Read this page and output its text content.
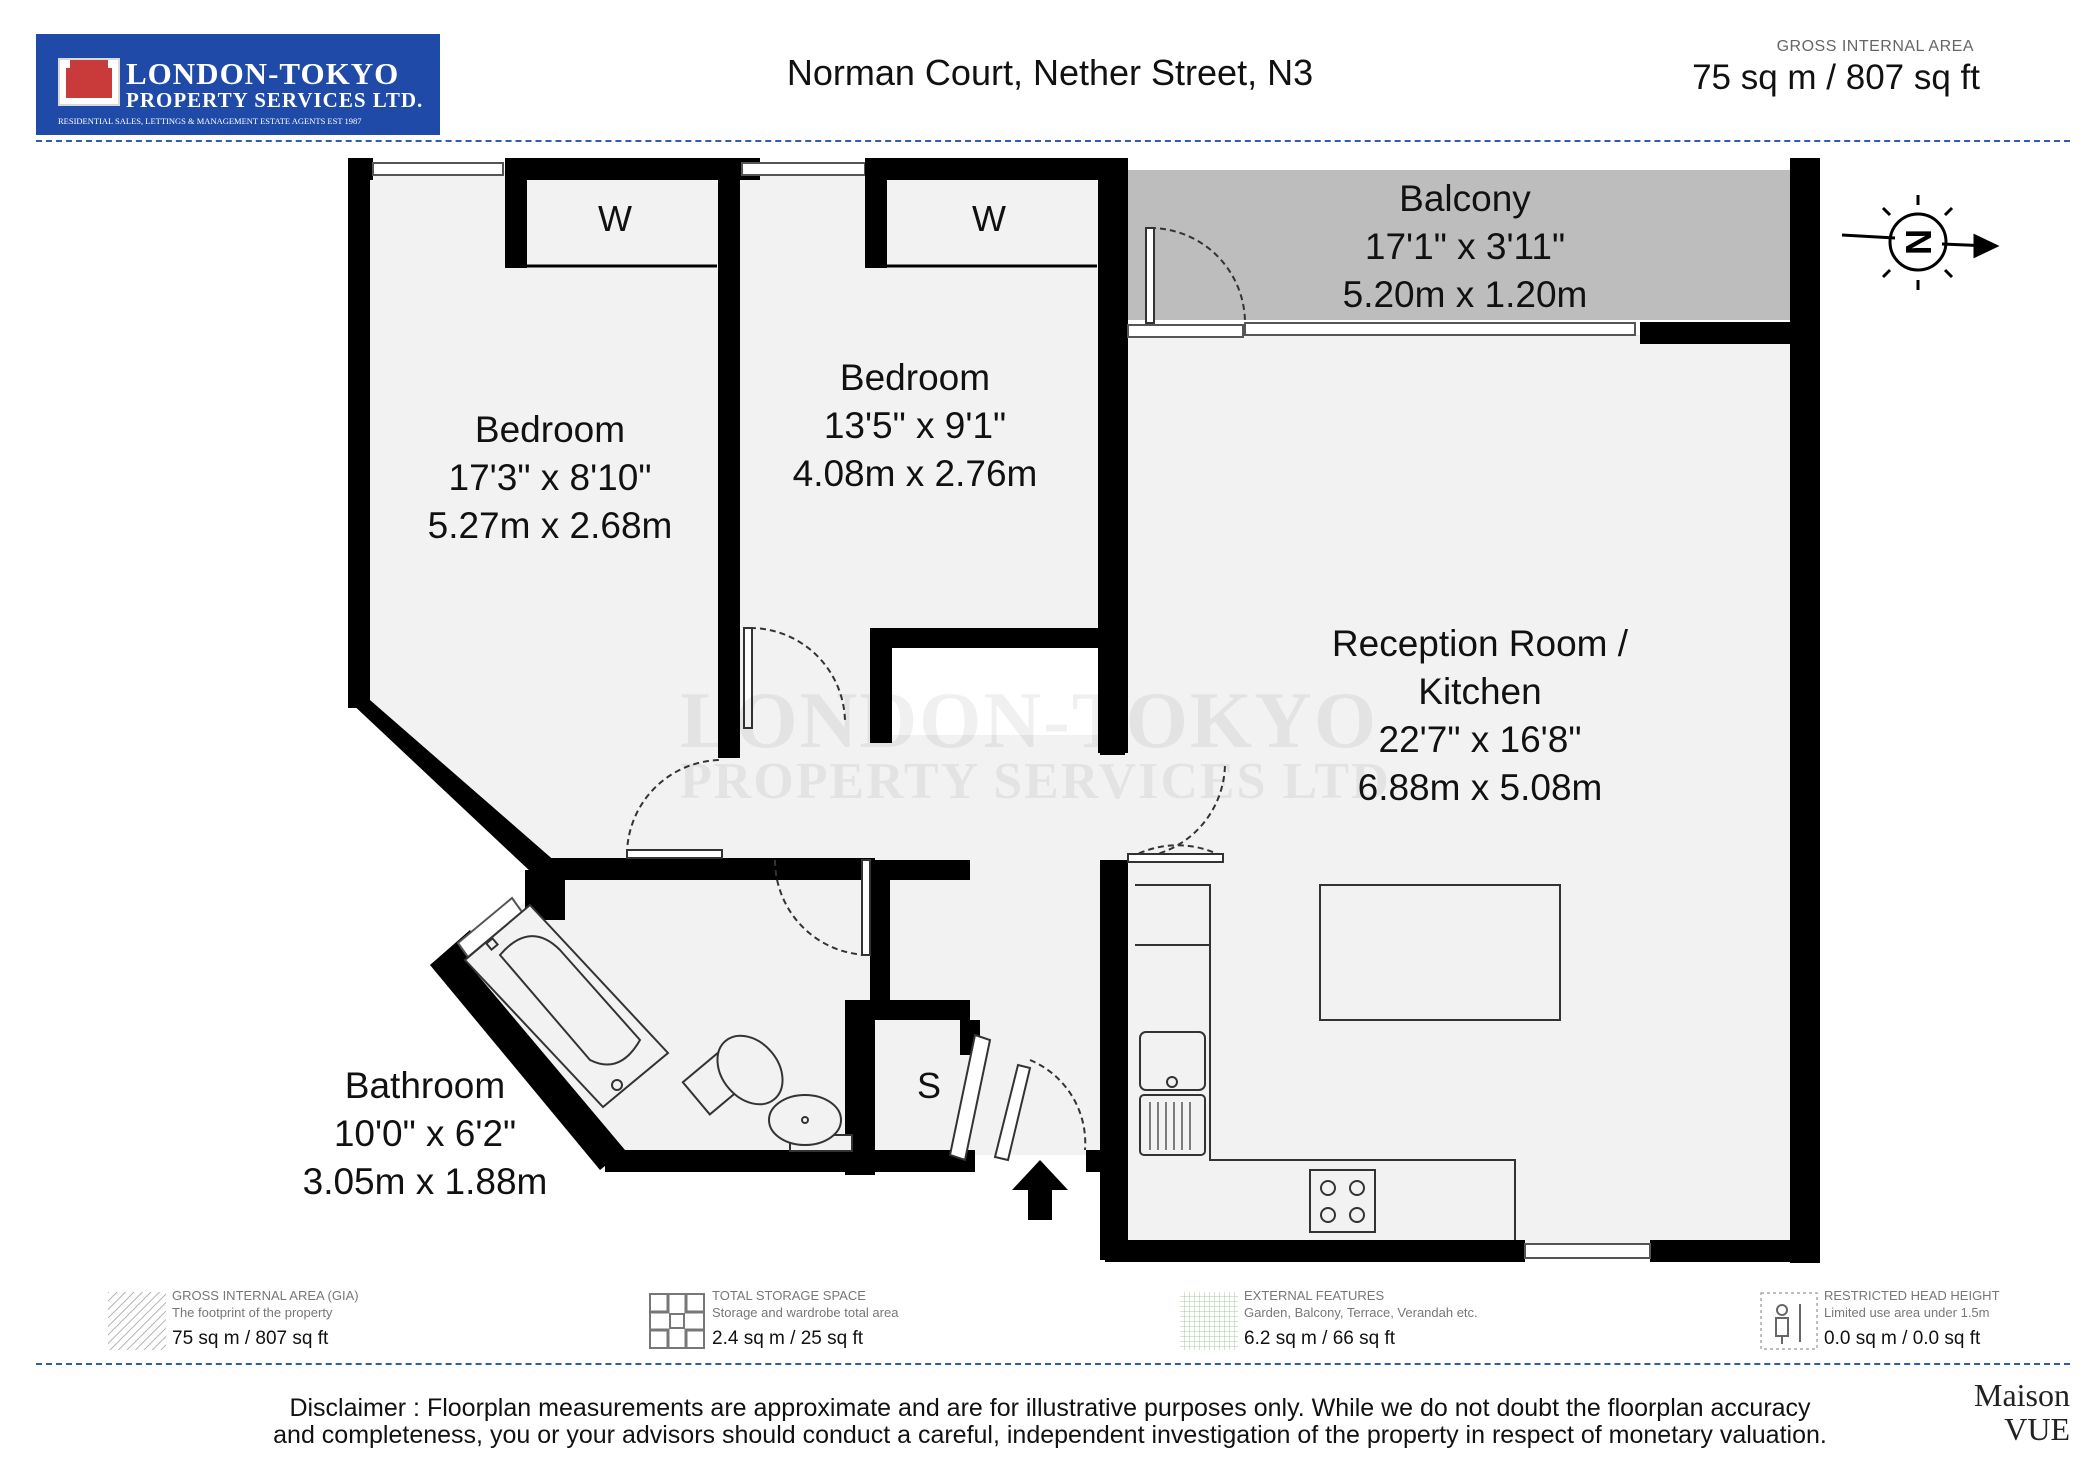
LONDON-TOKYO
PROPERTY SERVICES LTD.
RESIDENTIAL SALES, LETTINGS & MANAGEMENT ESTATE AGENTS EST 1987
Norman Court, Nether Street, N3
GROSS INTERNAL AREA
75 sq m / 807 sq ft
N
LONDON-TOKYO
PROPERTY SERVICES LTD
Balcony
17'1" x 3'11"
5.20m x 1.20m
Bedroom
17'3" x 8'10"
5.27m x 2.68m
Bedroom
13'5" x 9'1"
4.08m x 2.76m
Reception Room /
Kitchen
22'7" x 16'8"
6.88m x 5.08m
Bathroom
10'0" x 6'2"
3.05m x 1.88m
W	W
S
GROSS INTERNAL AREA (GIA)
The footprint of the property
75 sq m / 807 sq ft
TOTAL STORAGE SPACE
Storage and wardrobe total area
2.4 sq m / 25 sq ft
EXTERNAL FEATURES
Garden, Balcony, Terrace, Verandah etc.
6.2 sq m / 66 sq ft
RESTRICTED HEAD HEIGHT
Limited use area under 1.5m
0.0 sq m / 0.0 sq ft
Disclaimer : Floorplan measurements are approximate and are for illustrative purposes only. While we do not doubt the floorplan accuracy
and completeness, you or your advisors should conduct a careful, independent investigation of the property in respect of monetary valuation.
Maison
VUE
